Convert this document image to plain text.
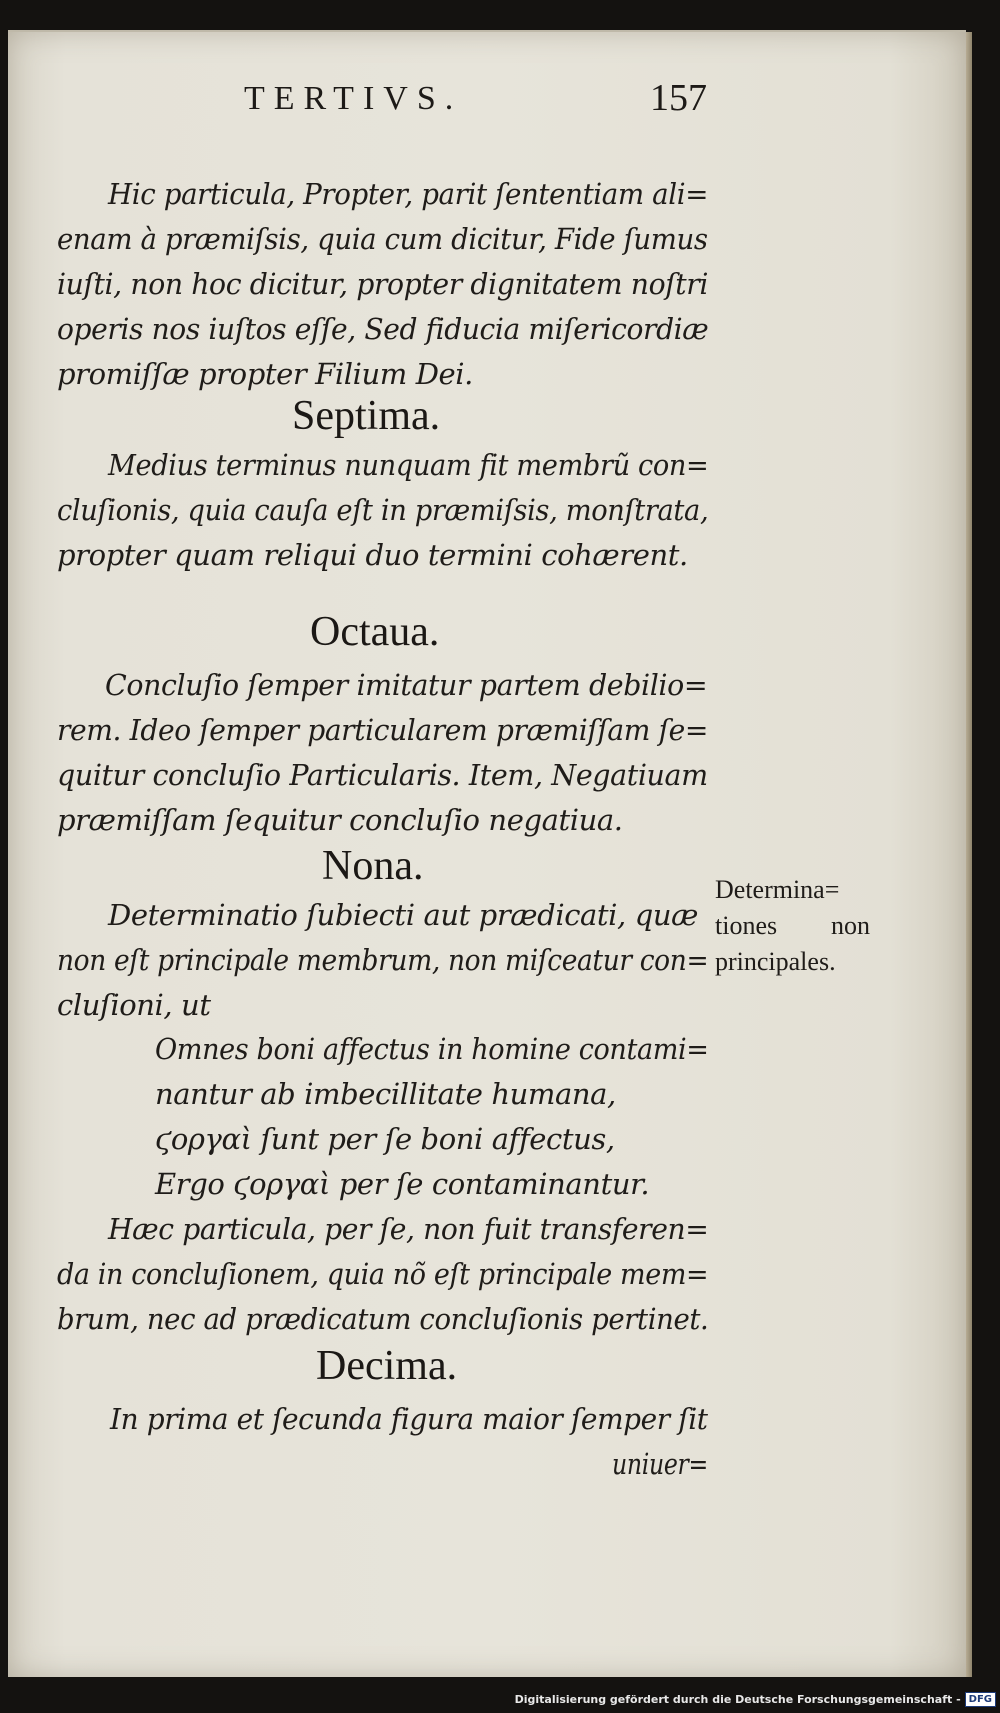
TERTIVS.	157

Hic particula, Propter, parit ſententiam ali=

enam à præmiſsis, quia cum dicitur, Fide ſumus

iuſti, non hoc dicitur, propter dignitatem noſtri

operis nos iuſtos eſſe, Sed fiducia miſericordiæ

promiſſæ propter Filium Dei.

Septima.

Medius terminus nunquam fit membrũ con=

cluſionis, quia cauſa eſt in præmiſsis, monſtrata,

propter quam reliqui duo termini cohærent.

Octaua.

Concluſio ſemper imitatur partem debilio=

rem. Ideo ſemper particularem præmiſſam ſe=

quitur concluſio Particularis. Item, Negatiuam

præmiſſam ſequitur concluſio negatiua.

Nona.

Determinatio ſubiecti aut prædicati, quæ

non eſt principale membrum, non miſceatur con=

cluſioni, ut

Determina=
tiones non
principales.

Omnes boni affectus in homine contami=

nantur ab imbecillitate humana,

ϛοργαὶ ſunt per ſe boni affectus,

Ergo ϛοργαὶ per ſe contaminantur.

Hæc particula, per ſe, non fuit transferen=

da in concluſionem, quia nõ eſt principale mem=

brum, nec ad prædicatum concluſionis pertinet.

Decima.

In prima et ſecunda figura maior ſemper ſit

uniuer=

Digitalisierung gefördert durch die Deutsche Forschungsgemeinschaft - DFG
